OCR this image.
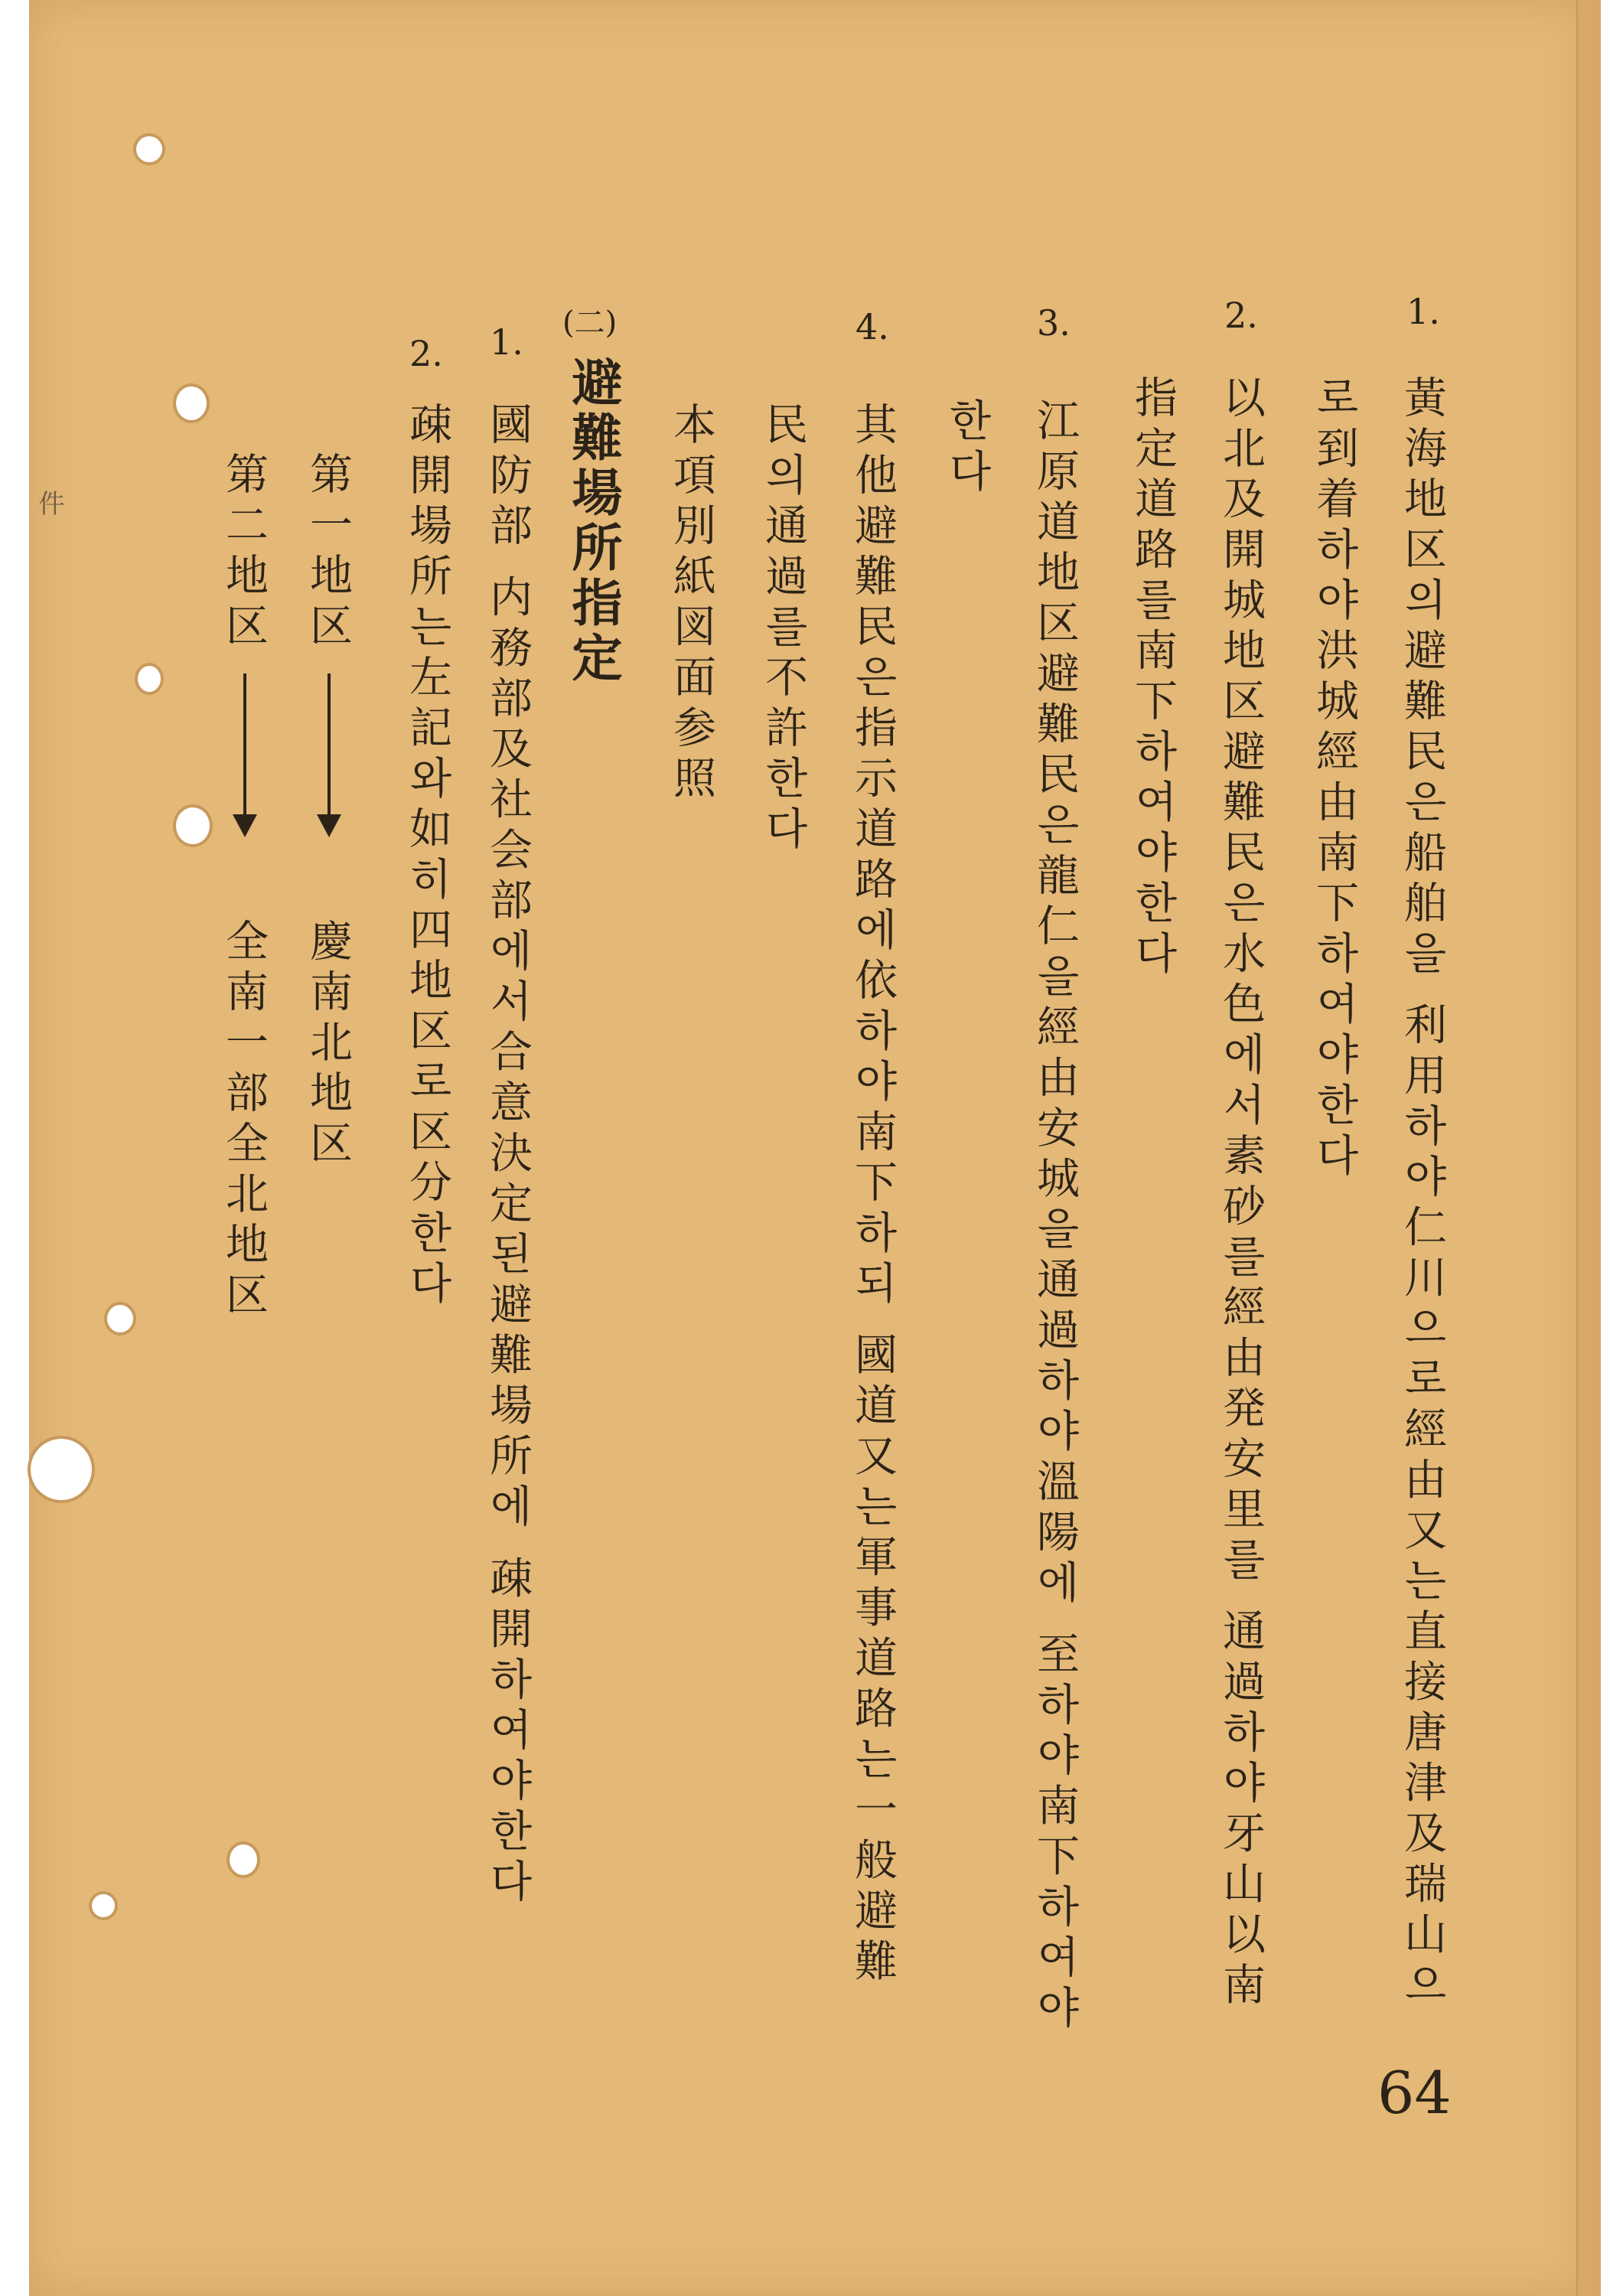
件
1.
黃海地区의避難民은船舶을 利用하야仁川으로經由又는直接唐津及瑞山으
로到着하야洪城經由南下하여야한다
2.
以北及開城地区避難民은水色에서素砂를經由発安里를 通過하야牙山以南
指定道路를南下하여야한다
3.
江原道地区避難民은龍仁을經由安城을通過하야溫陽에 至하야南下하여야
한다
4.
其他避難民은指示道路에依하야南下하되 國道又는軍事道路는一般避難
民의通過를不許한다
本項別紙図面参照
(二)
避難場所指定
1.
國防部 内務部及社会部에서合意決定된避難場所에 疎開하여야한다
2.
疎開場所는左記와如히四地区로区分한다
第一地区
慶南北地区
第二地区
全南一部全北地区
64
